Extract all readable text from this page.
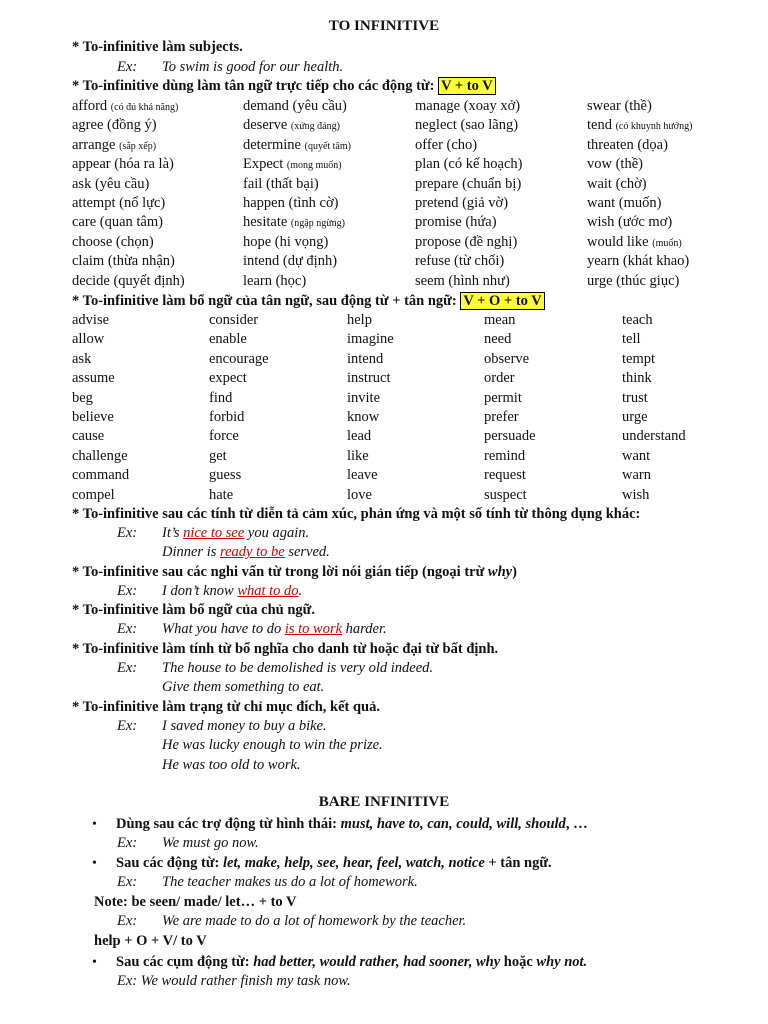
TO INFINITIVE
* To-infinitive làm subjects.
Ex: To swim is good for our health.
* To-infinitive dùng làm tân ngữ trực tiếp cho các động từ: V + to V
afford (có đủ khả năng)	demand (yêu cầu)	manage (xoay xở)	swear (thề)
agree (đồng ý)	deserve (xứng đáng)	neglect (sao lãng)	tend (có khuynh hướng)
arrange (sắp xếp)	determine (quyết tâm)	offer (cho)	threaten (dọa)
appear (hóa ra là)	Expect (mong muốn)	plan (có kế hoạch)	vow (thề)
ask (yêu cầu)	fail (thất bại)	prepare (chuẩn bị)	wait (chờ)
attempt (nổ lực)	happen (tình cờ)	pretend (giả vờ)	want (muốn)
care (quan tâm)	hesitate (ngập ngừng)	promise (hứa)	wish (ước mơ)
choose (chọn)	hope (hi vọng)	propose (đề nghị)	would like (muốn)
claim (thừa nhận)	intend (dự định)	refuse (từ chối)	yearn (khát khao)
decide (quyết định)	learn (học)	seem (hình như)	urge (thúc giục)
* To-infinitive làm bổ ngữ của tân ngữ, sau động từ + tân ngữ: V + O + to V
advise	consider	help	mean	teach
allow	enable	imagine	need	tell
ask	encourage	intend	observe	tempt
assume	expect	instruct	order	think
beg	find	invite	permit	trust
believe	forbid	know	prefer	urge
cause	force	lead	persuade	understand
challenge	get	like	remind	want
command	guess	leave	request	warn
compel	hate	love	suspect	wish
* To-infinitive sau các tính từ diễn tả cảm xúc, phản ứng và một số tính từ thông dụng khác:
Ex: It’s nice to see you again.
Dinner is ready to be served.
* To-infinitive sau các nghi vấn từ trong lời nói gián tiếp (ngoại trừ why)
Ex: I don’t know what to do.
* To-infinitive làm bổ ngữ của chủ ngữ.
Ex: What you have to do is to work harder.
* To-infinitive làm tính từ bổ nghĩa cho danh từ hoặc đại từ bất định.
Ex: The house to be demolished is very old indeed.
Give them something to eat.
* To-infinitive làm trạng từ chỉ mục đích, kết quả.
Ex: I saved money to buy a bike.
He was lucky enough to win the prize.
He was too old to work.
BARE INFINITIVE
• Dùng sau các trợ động từ hình thái: must, have to, can, could, will, should, …
Ex: We must go now.
• Sau các động từ: let, make, help, see, hear, feel, watch, notice + tân ngữ.
Ex: The teacher makes us do a lot of homework.
Note: be seen/ made/ let… + to V
Ex: We are made to do a lot of homework by the teacher.
help + O + V/ to V
• Sau các cụm động từ: had better, would rather, had sooner, why hoặc why not.
Ex: We would rather finish my task now.
